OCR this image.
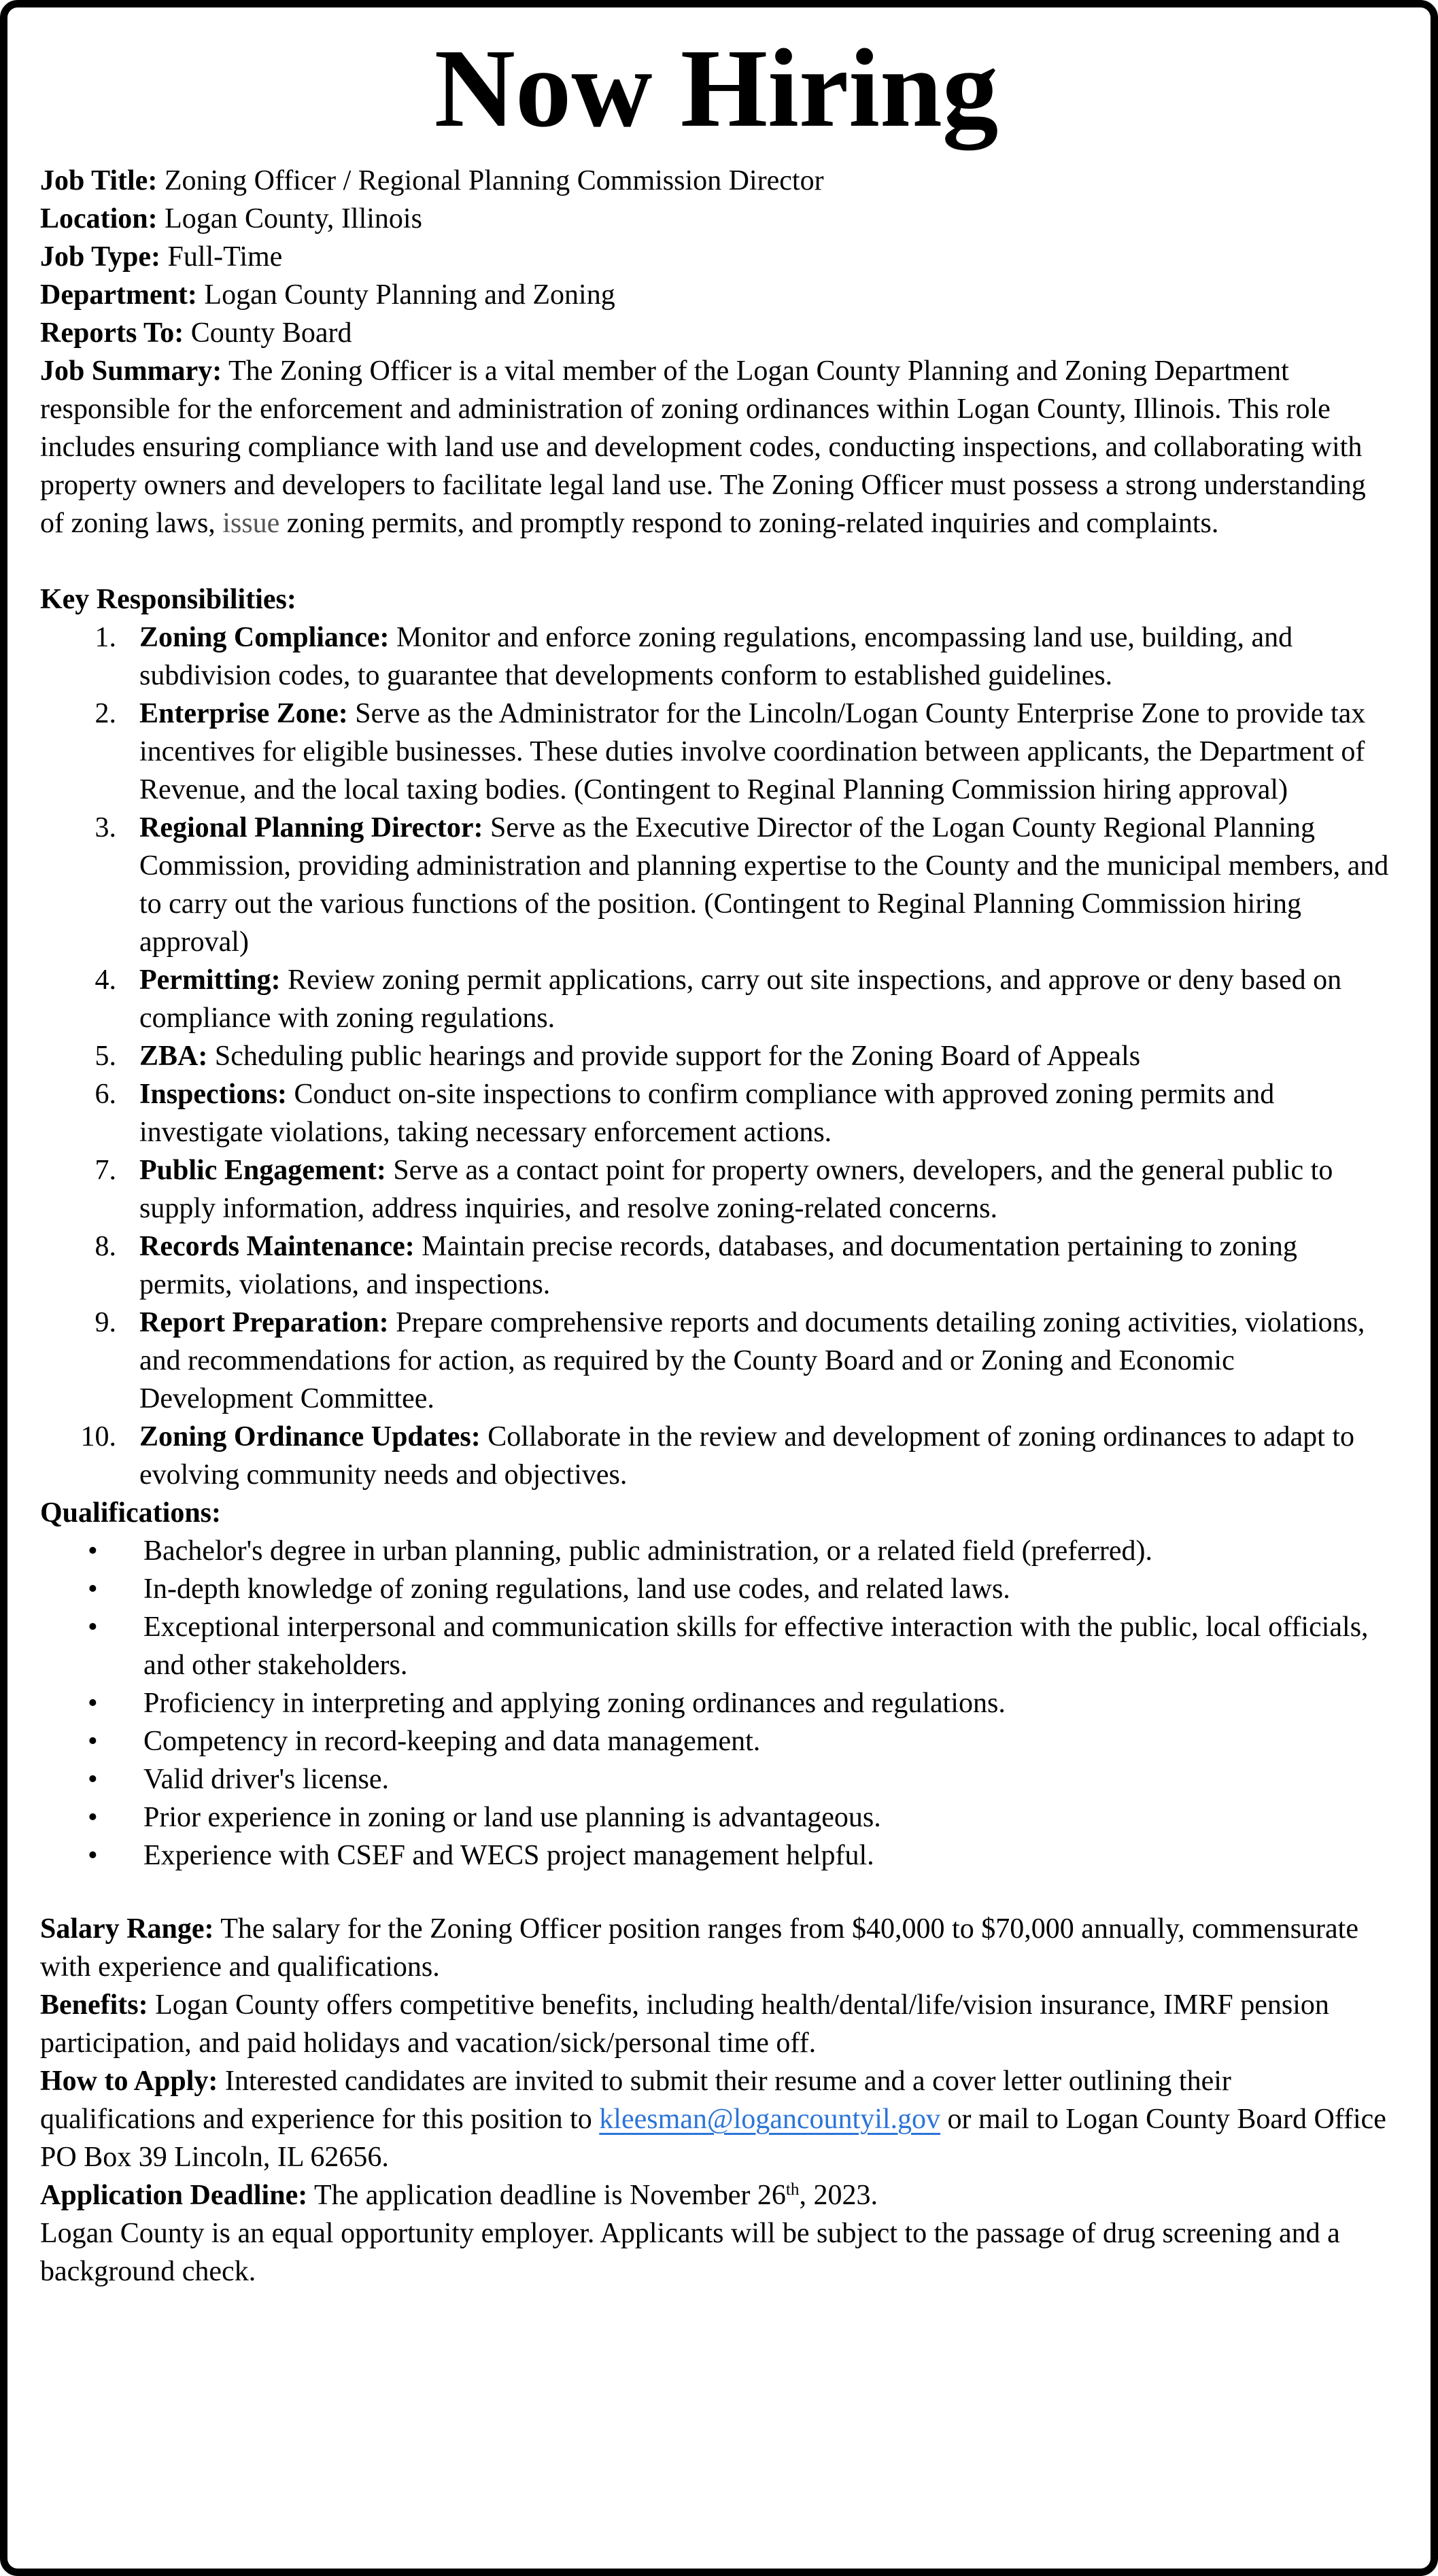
Now Hiring
Job Title: Zoning Officer / Regional Planning Commission Director
Location: Logan County, Illinois
Job Type: Full-Time
Department: Logan County Planning and Zoning
Reports To: County Board

Job Summary: The Zoning Officer is a vital member of the Logan County Planning and Zoning Department responsible for the enforcement and administration of zoning ordinances within Logan County, Illinois. This role includes ensuring compliance with land use and development codes, conducting inspections, and collaborating with property owners and developers to facilitate legal land use. The Zoning Officer must possess a strong understanding of zoning laws, issue zoning permits, and promptly respond to zoning-related inquiries and complaints.

Key Responsibilities:
Zoning Compliance: Monitor and enforce zoning regulations, encompassing land use, building, and subdivision codes, to guarantee that developments conform to established guidelines.
Enterprise Zone: Serve as the Administrator for the Lincoln/Logan County Enterprise Zone to provide tax incentives for eligible businesses. These duties involve coordination between applicants, the Department of Revenue, and the local taxing bodies. (Contingent to Reginal Planning Commission hiring approval)
Regional Planning Director: Serve as the Executive Director of the Logan County Regional Planning Commission, providing administration and planning expertise to the County and the municipal members, and to carry out the various functions of the position. (Contingent to Reginal Planning Commission hiring approval)
Permitting: Review zoning permit applications, carry out site inspections, and approve or deny based on compliance with zoning regulations.
ZBA: Scheduling public hearings and provide support for the Zoning Board of Appeals
Inspections: Conduct on-site inspections to confirm compliance with approved zoning permits and investigate violations, taking necessary enforcement actions.
Public Engagement: Serve as a contact point for property owners, developers, and the general public to supply information, address inquiries, and resolve zoning-related concerns.
Records Maintenance: Maintain precise records, databases, and documentation pertaining to zoning permits, violations, and inspections.
Report Preparation: Prepare comprehensive reports and documents detailing zoning activities, violations, and recommendations for action, as required by the County Board and or Zoning and Economic Development Committee.
Zoning Ordinance Updates: Collaborate in the review and development of zoning ordinances to adapt to evolving community needs and objectives.
Qualifications:
• Bachelor's degree in urban planning, public administration, or a related field (preferred).
• In-depth knowledge of zoning regulations, land use codes, and related laws.
• Exceptional interpersonal and communication skills for effective interaction with the public, local officials, and other stakeholders.
• Proficiency in interpreting and applying zoning ordinances and regulations.
• Competency in record-keeping and data management.
• Valid driver's license.
• Prior experience in zoning or land use planning is advantageous.
• Experience with CSEF and WECS project management helpful.

Salary Range: The salary for the Zoning Officer position ranges from $40,000 to $70,000 annually, commensurate with experience and qualifications.

Benefits: Logan County offers competitive benefits, including health/dental/life/vision insurance, IMRF pension participation, and paid holidays and vacation/sick/personal time off.

How to Apply: Interested candidates are invited to submit their resume and a cover letter outlining their qualifications and experience for this position to kleesman@logancountyil.gov or mail to Logan County Board Office PO Box 39 Lincoln, IL 62656.

Application Deadline: The application deadline is November 26th, 2023.

Logan County is an equal opportunity employer. Applicants will be subject to the passage of drug screening and a background check.
